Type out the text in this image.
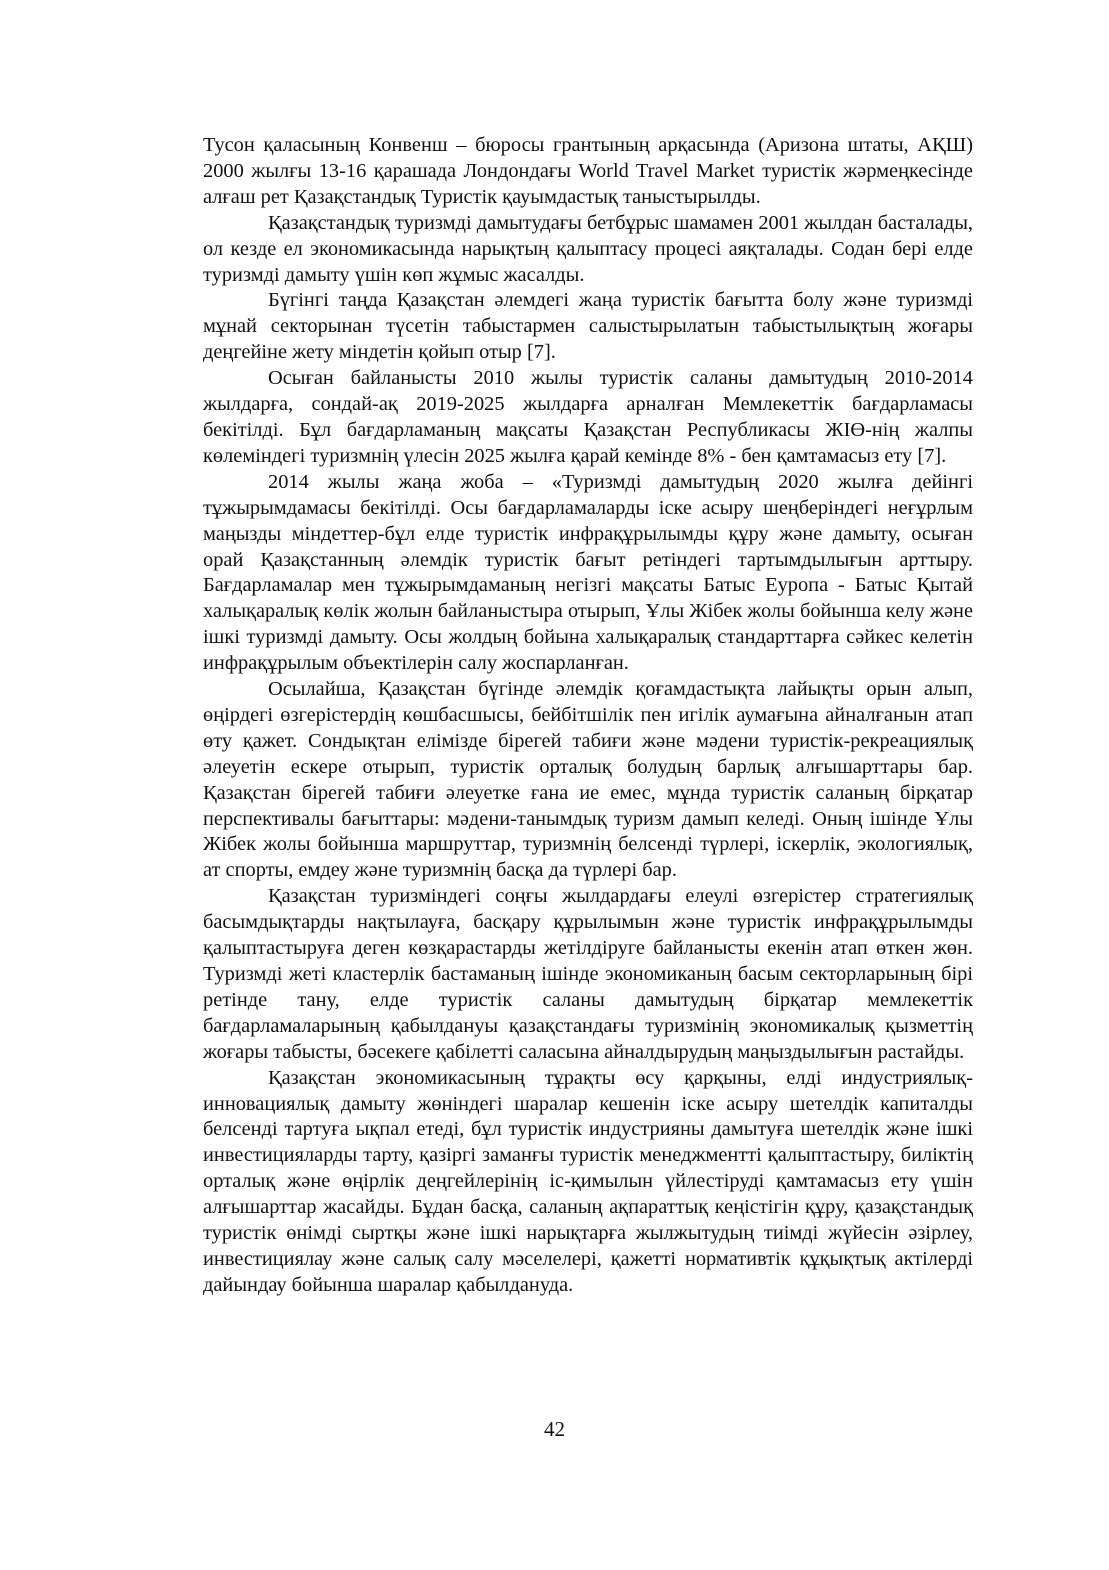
Тусон қаласының Конвенш – бюросы грантының арқасында (Аризона штаты, АҚШ) 2000 жылғы 13-16 қарашада Лондондағы World Travel Market туристік жәрмеңкесінде алғаш рет Қазақстандық Туристік қауымдастық таныстырылды.

Қазақстандық туризмді дамытудағы бетбұрыс шамамен 2001 жылдан басталады, ол кезде ел экономикасында нарықтың қалыптасу процесі аяқталады. Содан бері елде туризмді дамыту үшін көп жұмыс жасалды.

Бүгінгі таңда Қазақстан әлемдегі жаңа туристік бағытта болу және туризмді мұнай секторынан түсетін табыстармен салыстырылатын табыстылықтың жоғары деңгейіне жету міндетін қойып отыр [7].

Осыған байланысты 2010 жылы туристік саланы дамытудың 2010-2014 жылдарға, сондай-ақ 2019-2025 жылдарға арналған Мемлекеттік бағдарламасы бекітілді. Бұл бағдарламаның мақсаты Қазақстан Республикасы ЖІӨ-нің жалпы көлеміндегі туризмнің үлесін 2025 жылға қарай кемінде 8% - бен қамтамасыз ету [7].

2014 жылы жаңа жоба – «Туризмді дамытудың 2020 жылға дейінгі тұжырымдамасы бекітілді. Осы бағдарламаларды іске асыру шеңберіндегі неғұрлым маңызды міндеттер-бұл елде туристік инфрақұрылымды құру және дамыту, осыған орай Қазақстанның әлемдік туристік бағыт ретіндегі тартымдылығын арттыру. Бағдарламалар мен тұжырымдаманың негізгі мақсаты Батыс Еуропа - Батыс Қытай халықаралық көлік жолын байланыстыра отырып, Ұлы Жібек жолы бойынша келу және ішкі туризмді дамыту. Осы жолдың бойына халықаралық стандарттарға сәйкес келетін инфрақұрылым объектілерін салу жоспарланған.

Осылайша, Қазақстан бүгінде әлемдік қоғамдастықта лайықты орын алып, өңірдегі өзгерістердің көшбасшысы, бейбітшілік пен игілік аумағына айналғанын атап өту қажет. Сондықтан елімізде бірегей табиғи және мәдени туристік-рекреациялық әлеуетін ескере отырып, туристік орталық болудың барлық алғышарттары бар. Қазақстан бірегей табиғи әлеуетке ғана ие емес, мұнда туристік саланың бірқатар перспективалы бағыттары: мәдени-танымдық туризм дамып келеді. Оның ішінде Ұлы Жібек жолы бойынша маршруттар, туризмнің белсенді түрлері, іскерлік, экологиялық, ат спорты, емдеу және туризмнің басқа да түрлері бар.

Қазақстан туризміндегі соңғы жылдардағы елеулі өзгерістер стратегиялық басымдықтарды нақтылауға, басқару құрылымын және туристік инфрақұрылымды қалыптастыруға деген көзқарастарды жетілдіруге байланысты екенін атап өткен жөн. Туризмді жеті кластерлік бастаманың ішінде экономиканың басым секторларының бірі ретінде тану, елде туристік саланы дамытудың бірқатар мемлекеттік бағдарламаларының қабылдануы қазақстандағы туризмінің экономикалық қызметтің жоғары табысты, бәсекеге қабілетті саласына айналдырудың маңыздылығын растайды.

Қазақстан экономикасының тұрақты өсу қарқыны, елді индустриялық-инновациялық дамыту жөніндегі шаралар кешенін іске асыру шетелдік капиталды белсенді тартуға ықпал етеді, бұл туристік индустрияны дамытуға шетелдік және ішкі инвестицияларды тарту, қазіргі заманғы туристік менеджментті қалыптастыру, биліктің орталық және өңірлік деңгейлерінің іс-қимылын үйлестіруді қамтамасыз ету үшін алғышарттар жасайды. Бұдан басқа, саланың ақпараттық кеңістігін құру, қазақстандық туристік өнімді сыртқы және ішкі нарықтарға жылжытудың тиімді жүйесін әзірлеу, инвестициялау және салық салу мәселелері, қажетті нормативтік құқықтық актілерді дайындау бойынша шаралар қабылдануда.

42
